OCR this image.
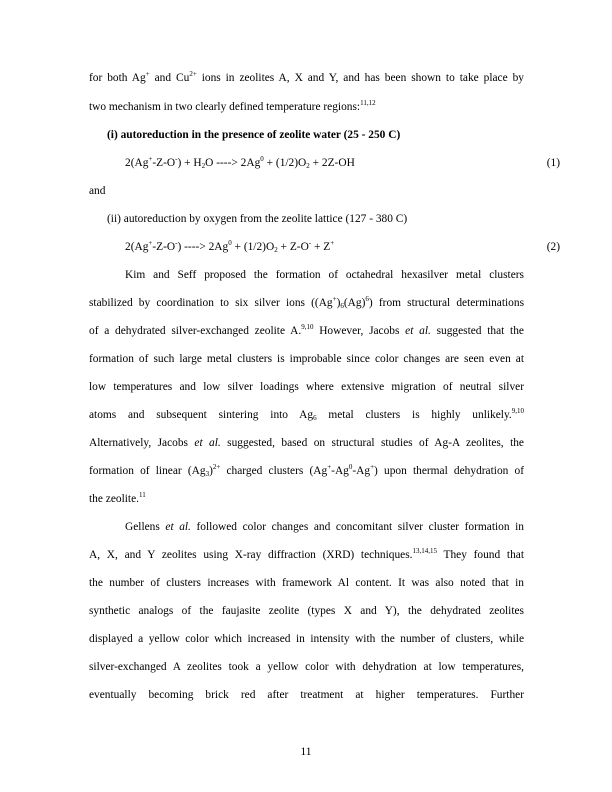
for both Ag+ and $Cu^{2+}$ ions in zeolites A, X and Y, and has been shown to take place by
two mechanism in two clearly defined temperature regions:$^{11,12}$
(i) autoreduction in the presence of zeolite water (25 - 250 C)
$2(Ag^+-Z-O^-) + H_2O$ ----> $2Ag^0 + (1/2)O_2 + 2Z-OH$	(1)
and
(ii) autoreduction by oxygen from the zeolite lattice (127 - 380 C)
2(Ag+-Z-O-) ----> $2Ag^0 + (1/2)O_2 + Z-O^- + Z^+$	(2)
Kim and Seff proposed the formation of octahedral hexasilver metal clusters
stabilized by coordination to six silver ions $((Ag^+)_6(Ag)^6)$ from structural determinations
of a dehydrated silver-exchanged zeolite A.$^{9,10}$ However, Jacobs et al. suggested that the
formation of such large metal clusters is improbable since color changes are seen even at
low temperatures and low silver loadings where extensive migration of neutral silver
atoms and subsequent sintering into $Ag_6$ metal clusters is highly unlikely.$^{9,10}$
Alternatively, Jacobs et al. suggested, based on structural studies of Ag-A zeolites, the
formation of linear $(Ag_3)^{2+}$ charged clusters (Ag+-Ag$^0$-Ag+) upon thermal dehydration of
the zeolite.$^{11}$
Gellens et al. followed color changes and concomitant silver cluster formation in
A, X, and Y zeolites using X-ray diffraction (XRD) techniques.$^{13,14,15}$ They found that
the number of clusters increases with framework Al content. It was also noted that in
synthetic analogs of the faujasite zeolite (types X and Y), the dehydrated zeolites
displayed a yellow color which increased in intensity with the number of clusters, while
silver-exchanged A zeolites took a yellow color with dehydration at low temperatures,
eventually becoming brick red after treatment at higher temperatures. Further
11
